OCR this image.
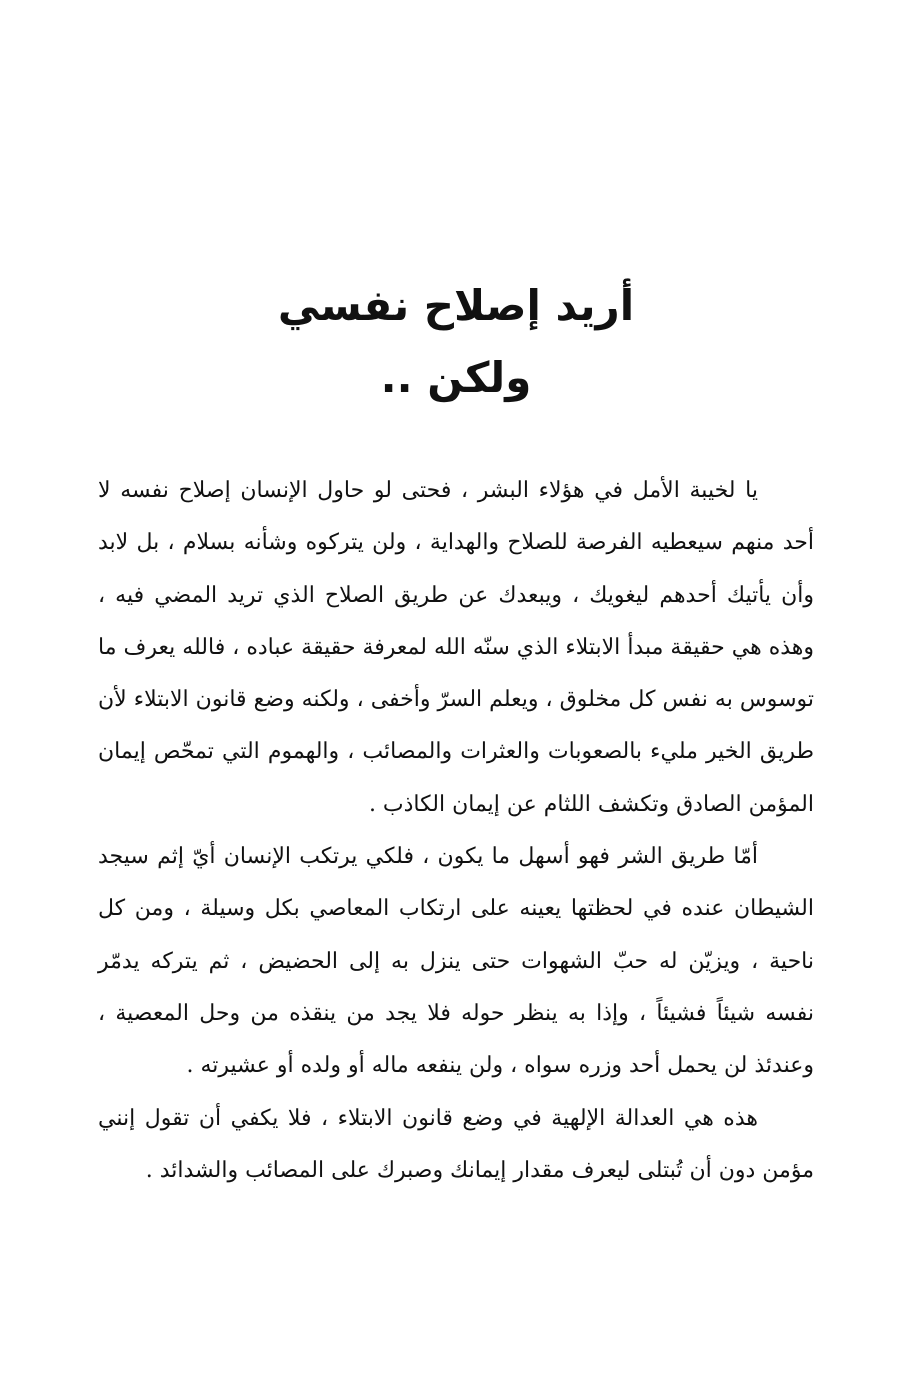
أريد إصلاح نفسي
ولكن ..

يا لخيبة الأمل في هؤلاء البشر ، فحتى لو حاول الإنسان إصلاح نفسه لا أحد منهم سيعطيه الفرصة للصلاح والهداية ، ولن يتركوه وشأنه بسلام ، بل لابد وأن يأتيك أحدهم ليغويك ، ويبعدك عن طريق الصلاح الذي تريد المضي فيه ، وهذه هي حقيقة مبدأ الابتلاء الذي سنّه الله لمعرفة حقيقة عباده ، فالله يعرف ما توسوس به نفس كل مخلوق ، ويعلم السرّ وأخفى ، ولكنه وضع قانون الابتلاء لأن طريق الخير مليء بالصعوبات والعثرات والمصائب ، والهموم التي تمحّص إيمان المؤمن الصادق وتكشف اللثام عن إيمان الكاذب .

أمّا طريق الشر فهو أسهل ما يكون ، فلكي يرتكب الإنسان أيّ إثم سيجد الشيطان عنده في لحظتها يعينه على ارتكاب المعاصي بكل وسيلة ، ومن كل ناحية ، ويزيّن له حبّ الشهوات حتى ينزل به إلى الحضيض ، ثم يتركه يدمّر نفسه شيئاً فشيئاً ، وإذا به ينظر حوله فلا يجد من ينقذه من وحل المعصية ، وعندئذ لن يحمل أحد وزره سواه ، ولن ينفعه ماله أو ولده أو عشيرته .

هذه هي العدالة الإلهية في وضع قانون الابتلاء ، فلا يكفي أن تقول إنني مؤمن دون أن تُبتلى ليعرف مقدار إيمانك وصبرك على المصائب والشدائد .
